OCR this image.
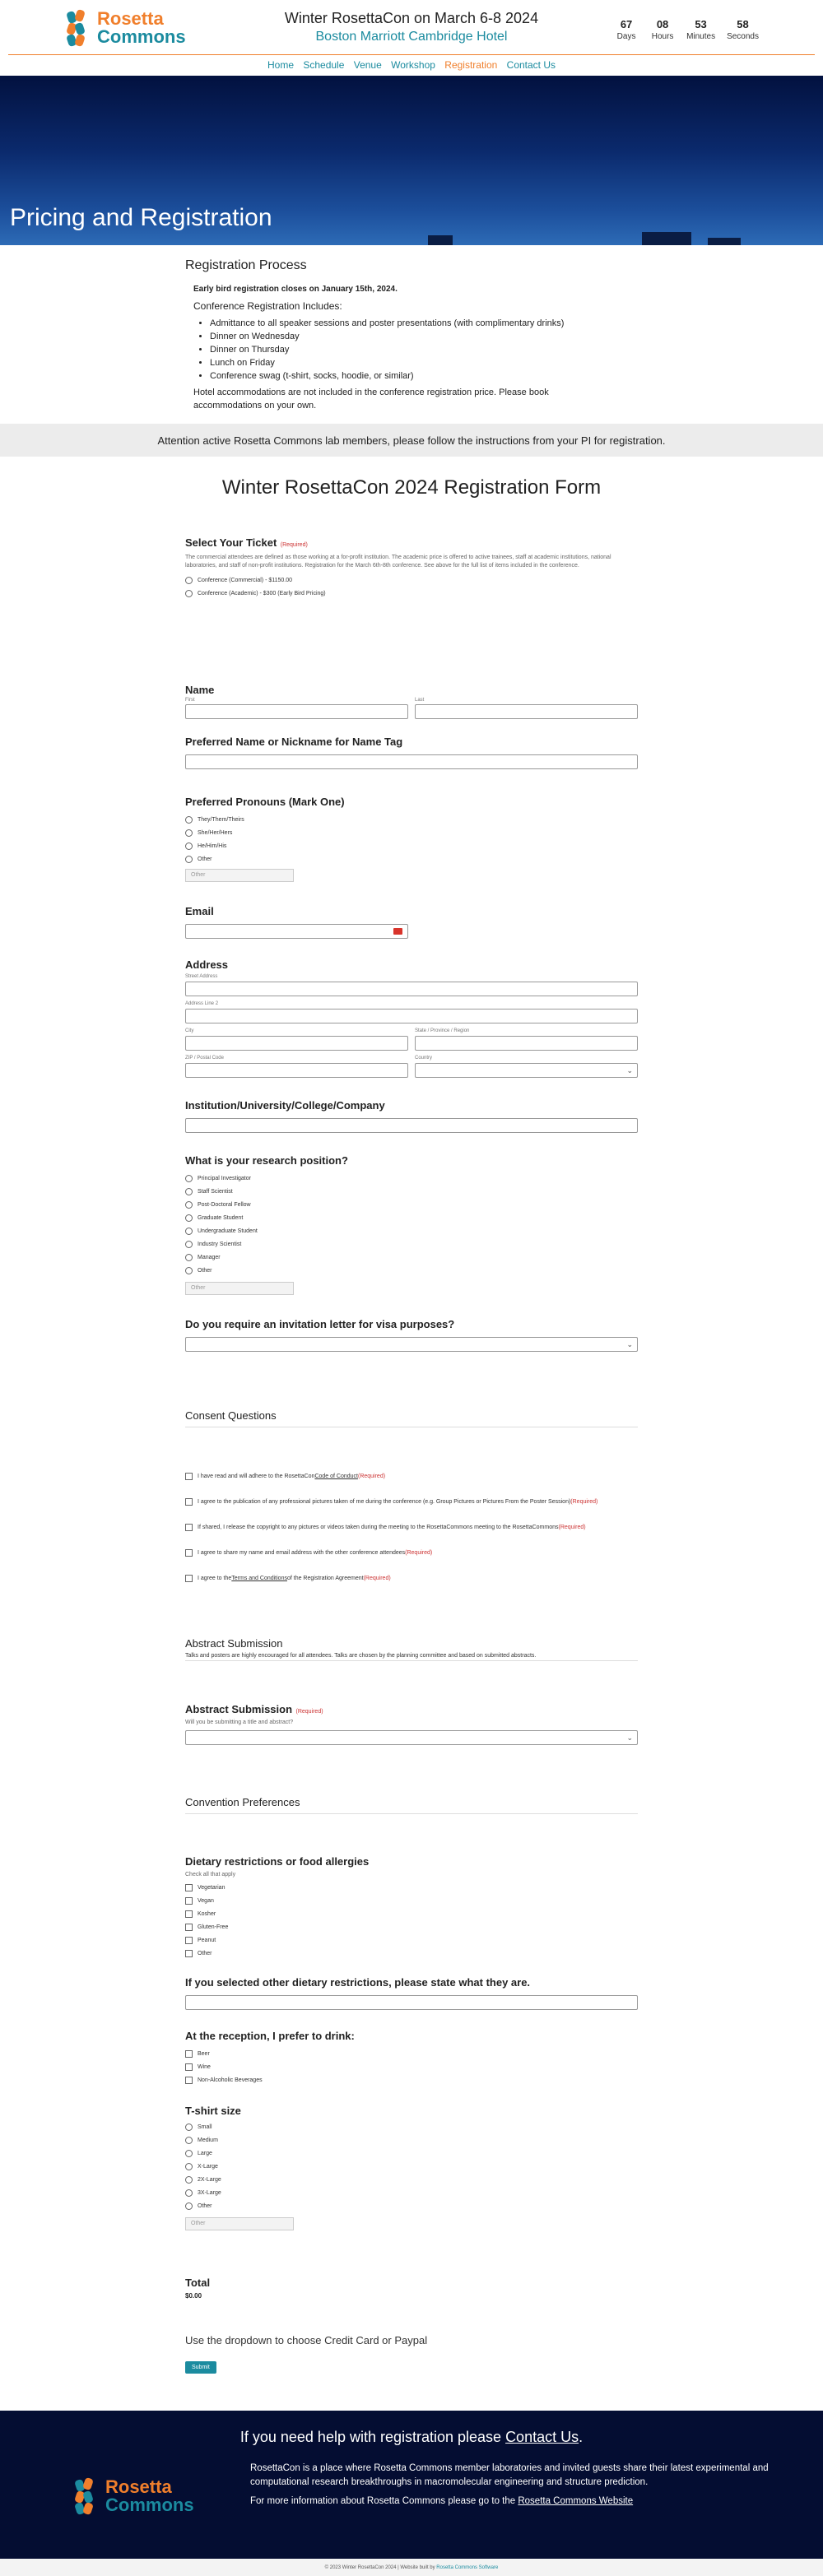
Rosetta
Commons
Winter RosettaCon on March 6-8 2024
Boston Marriott Cambridge Hotel
67
Days
08
Hours
53
Minutes
58
Seconds
Home Schedule Venue Workshop Registration Contact Us
Pricing and Registration
Registration Process
Early bird registration closes on January 15th, 2024.
Conference Registration Includes:
• Admittance to all speaker sessions and poster presentations (with complimentary drinks)
• Dinner on Wednesday
• Dinner on Thursday
• Lunch on Friday
• Conference swag (t-shirt, socks, hoodie, or similar)
Hotel accommodations are not included in the conference registration price. Please book accommodations on your own.
Attention active Rosetta Commons lab members, please follow the instructions from your PI for registration.
Winter RosettaCon 2024 Registration Form
Select Your Ticket (Required)
The commercial attendees are defined as those working at a for-profit institution. The academic price is offered to active trainees, staff at academic institutions, national laboratories, and staff of non-profit institutions. Registration for the March 6th-8th conference. See above for the full list of items included in the conference.
Conference (Commercial) - $1150.00
Conference (Academic) - $300 (Early Bird Pricing)
Name
First	Last
Preferred Name or Nickname for Name Tag
Preferred Pronouns (Mark One)
They/Them/Theirs
She/Her/Hers
He/Him/His
Other
Other
Email
Address
Street Address
Address Line 2
City	State / Province / Region
ZIP / Postal Code	Country
⌄
Institution/University/College/Company
What is your research position?
Principal Investigator
Staff Scientist
Post-Doctoral Fellow
Graduate Student
Undergraduate Student
Industry Scientist
Manager
Other
Other
Do you require an invitation letter for visa purposes?
⌄
Consent Questions
I have read and will adhere to the RosettaCon Code of Conduct (Required)
I agree to the publication of any professional pictures taken of me during the conference (e.g. Group Pictures or Pictures From the Poster Session) (Required)
If shared, I release the copyright to any pictures or videos taken during the meeting to the RosettaCommons meeting to the RosettaCommons (Required)
I agree to share my name and email address with the other conference attendees (Required)
I agree to the Terms and Conditions of the Registration Agreement (Required)
Abstract Submission
Talks and posters are highly encouraged for all attendees. Talks are chosen by the planning committee and based on submitted abstracts.
Abstract Submission (Required)
Will you be submitting a title and abstract?
⌄
Convention Preferences
Dietary restrictions or food allergies
Check all that apply
Vegetarian
Vegan
Kosher
Gluten-Free
Peanut
Other
If you selected other dietary restrictions, please state what they are.
At the reception, I prefer to drink:
Beer
Wine
Non-Alcoholic Beverages
T-shirt size
Small
Medium
Large
X-Large
2X-Large
3X-Large
Other
Other
Total
$0.00
Use the dropdown to choose Credit Card or Paypal
Submit
If you need help with registration please Contact Us.
Rosetta
Commons

RosettaCon is a place where Rosetta Commons member laboratories and invited guests share their latest experimental and computational research breakthroughs in macromolecular engineering and structure prediction.

For more information about Rosetta Commons please go to the Rosetta Commons Website

© 2023 Winter RosettaCon 2024 | Website built by Rosetta Commons Software
